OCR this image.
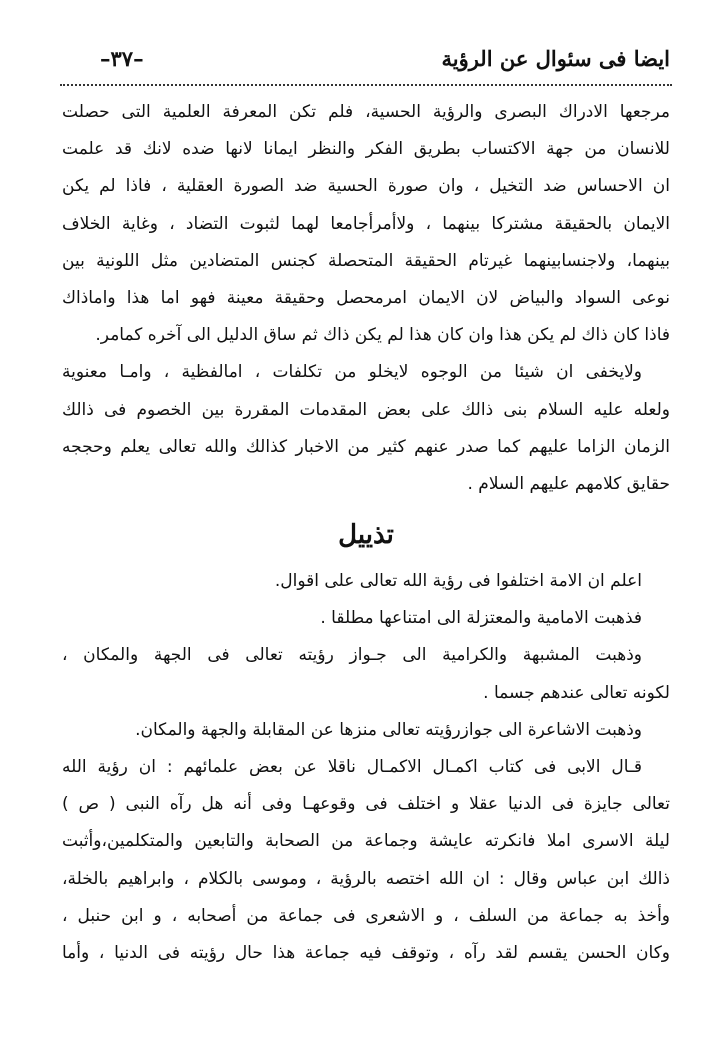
ايضا فى سئوال عن الرؤية
–٣٧–
مرجعها الادراك البصرى والرؤية الحسية، فلم تكن المعرفة العلمية التى حصلت
للانسان من جهة الاكتساب بطريق الفكر والنظر ايمانا لانها ضده لانك قد علمت
ان الاحساس ضد التخيل ، وان صورة الحسية ضد الصورة العقلية ، فاذا لم يكن
الايمان بالحقيقة مشتركا بينهما ، ولاأمرأجامعا لهما لثبوت التضاد ، وغاية الخلاف
بينهما، ولاجنسابينهما غيرتام الحقيقة المتحصلة كجنس المتضادين مثل اللونية بين
نوعى السواد والبياض لان الايمان امرمحصل وحقيقة معينة فهو اما هذا واماذاك
فاذا كان ذاك لم يكن هذا وان كان هذا لم يكن ذاك ثم ساق الدليل الى آخره كمامر.
ولايخفى ان شيئا من الوجوه لايخلو من تكلفات ، امالفظية ، وامـا معنوية
ولعله عليه السلام بنى ذالك على بعض المقدمات المقررة بين الخصوم فى ذالك
الزمان الزاما عليهم كما صدر عنهم كثير من الاخبار كذالك والله تعالى يعلم وحججه
حقايق كلامهم عليهم السلام .
تذييل
اعلم ان الامة اختلفوا فى رؤية الله تعالى على اقوال.
فذهبت الامامية والمعتزلة الى امتناعها مطلقا .
وذهبت المشبهة والكرامية الى جـواز رؤيته تعالى فى الجهة والمكان ،
لكونه تعالى عندهم جسما .
وذهبت الاشاعرة الى جوازرؤيته تعالى منزها عن المقابلة والجهة والمكان.
قـال الابى فى كتاب اكمـال الاكمـال ناقلا عن بعض علمائهم : ان رؤية الله
تعالى جايزة فى الدنيا عقلا و اختلف فى وقوعهـا وفى أنه هل رآه النبى ( ص )
ليلة الاسرى املا فانكرته عايشة وجماعة من الصحابة والتابعين والمتكلمين،وأثبت
ذالك ابن عباس وقال : ان الله اختصه بالرؤية ، وموسى بالكلام ، وابراهيم بالخلة،
وأخذ به جماعة من السلف ، و الاشعرى فى جماعة من أصحابه ، و ابن حنبل ،
وكان الحسن يقسم لقد رآه ، وتوقف فيه جماعة هذا حال رؤيته فى الدنيا ، وأما
